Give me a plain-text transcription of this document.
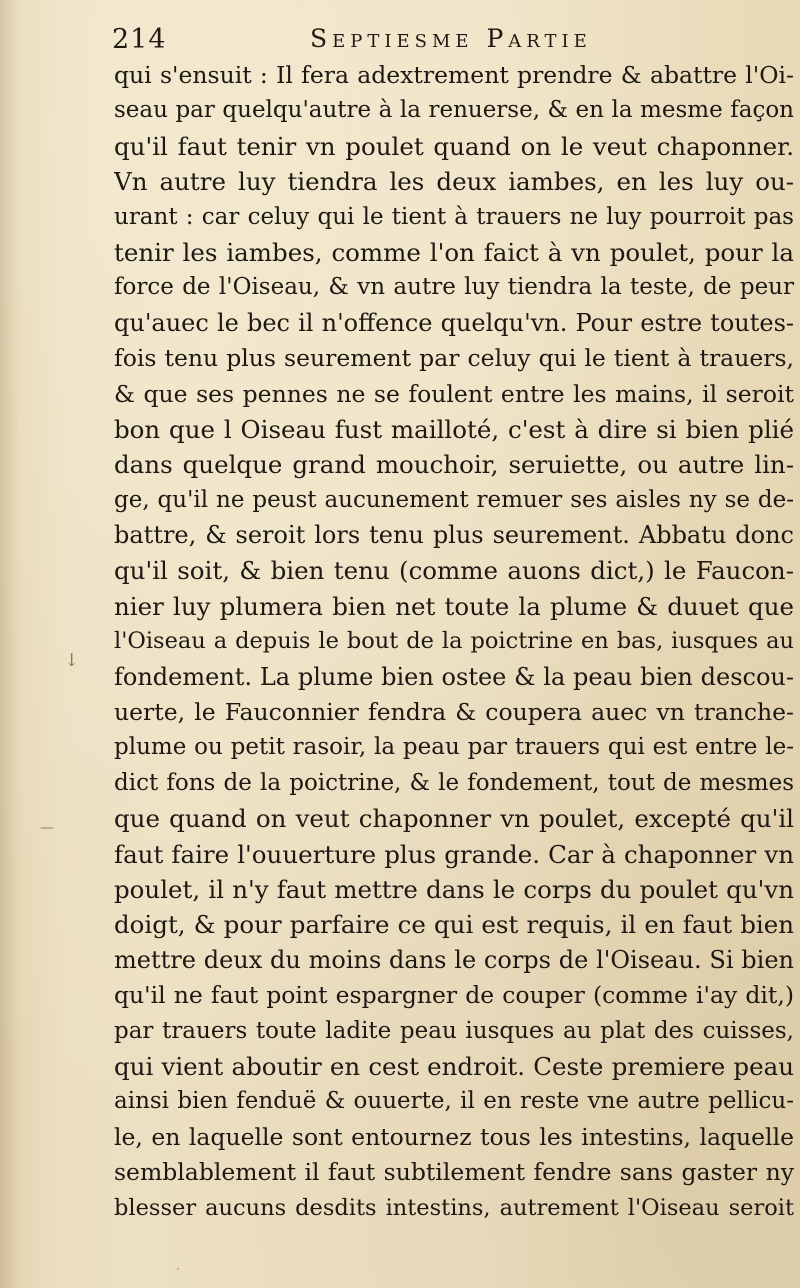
214	Septiesme Partie
↓
—
·
qui s'ensuit : Il fera adextrement prendre & abattre l'Oi-
seau par quelqu'autre à la renuerse, & en la mesme façon
qu'il faut tenir vn poulet quand on le veut chaponner.
Vn autre luy tiendra les deux iambes, en les luy ou-
urant : car celuy qui le tient à trauers ne luy pourroit pas
tenir les iambes, comme l'on faict à vn poulet, pour la
force de l'Oiseau, & vn autre luy tiendra la teste, de peur
qu'auec le bec il n'offence quelqu'vn. Pour estre toutes-
fois tenu plus seurement par celuy qui le tient à trauers,
& que ses pennes ne se foulent entre les mains, il seroit
bon que l Oiseau fust mailloté, c'est à dire si bien plié
dans quelque grand mouchoir, seruiette, ou autre lin-
ge, qu'il ne peust aucunement remuer ses aisles ny se de-
battre, & seroit lors tenu plus seurement. Abbatu donc
qu'il soit, & bien tenu (comme auons dict,) le Faucon-
nier luy plumera bien net toute la plume & duuet que
l'Oiseau a depuis le bout de la poictrine en bas, iusques au
fondement. La plume bien ostee & la peau bien descou-
uerte, le Fauconnier fendra & coupera auec vn tranche-
plume ou petit rasoir, la peau par trauers qui est entre le-
dict fons de la poictrine, & le fondement, tout de mesmes
que quand on veut chaponner vn poulet, excepté qu'il
faut faire l'ouuerture plus grande. Car à chaponner vn
poulet, il n'y faut mettre dans le corps du poulet qu'vn
doigt, & pour parfaire ce qui est requis, il en faut bien
mettre deux du moins dans le corps de l'Oiseau. Si bien
qu'il ne faut point espargner de couper (comme i'ay dit,)
par trauers toute ladite peau iusques au plat des cuisses,
qui vient aboutir en cest endroit. Ceste premiere peau
ainsi bien fenduë & ouuerte, il en reste vne autre pellicu-
le, en laquelle sont entournez tous les intestins, laquelle
semblablement il faut subtilement fendre sans gaster ny
blesser aucuns desdits intestins, autrement l'Oiseau seroit
